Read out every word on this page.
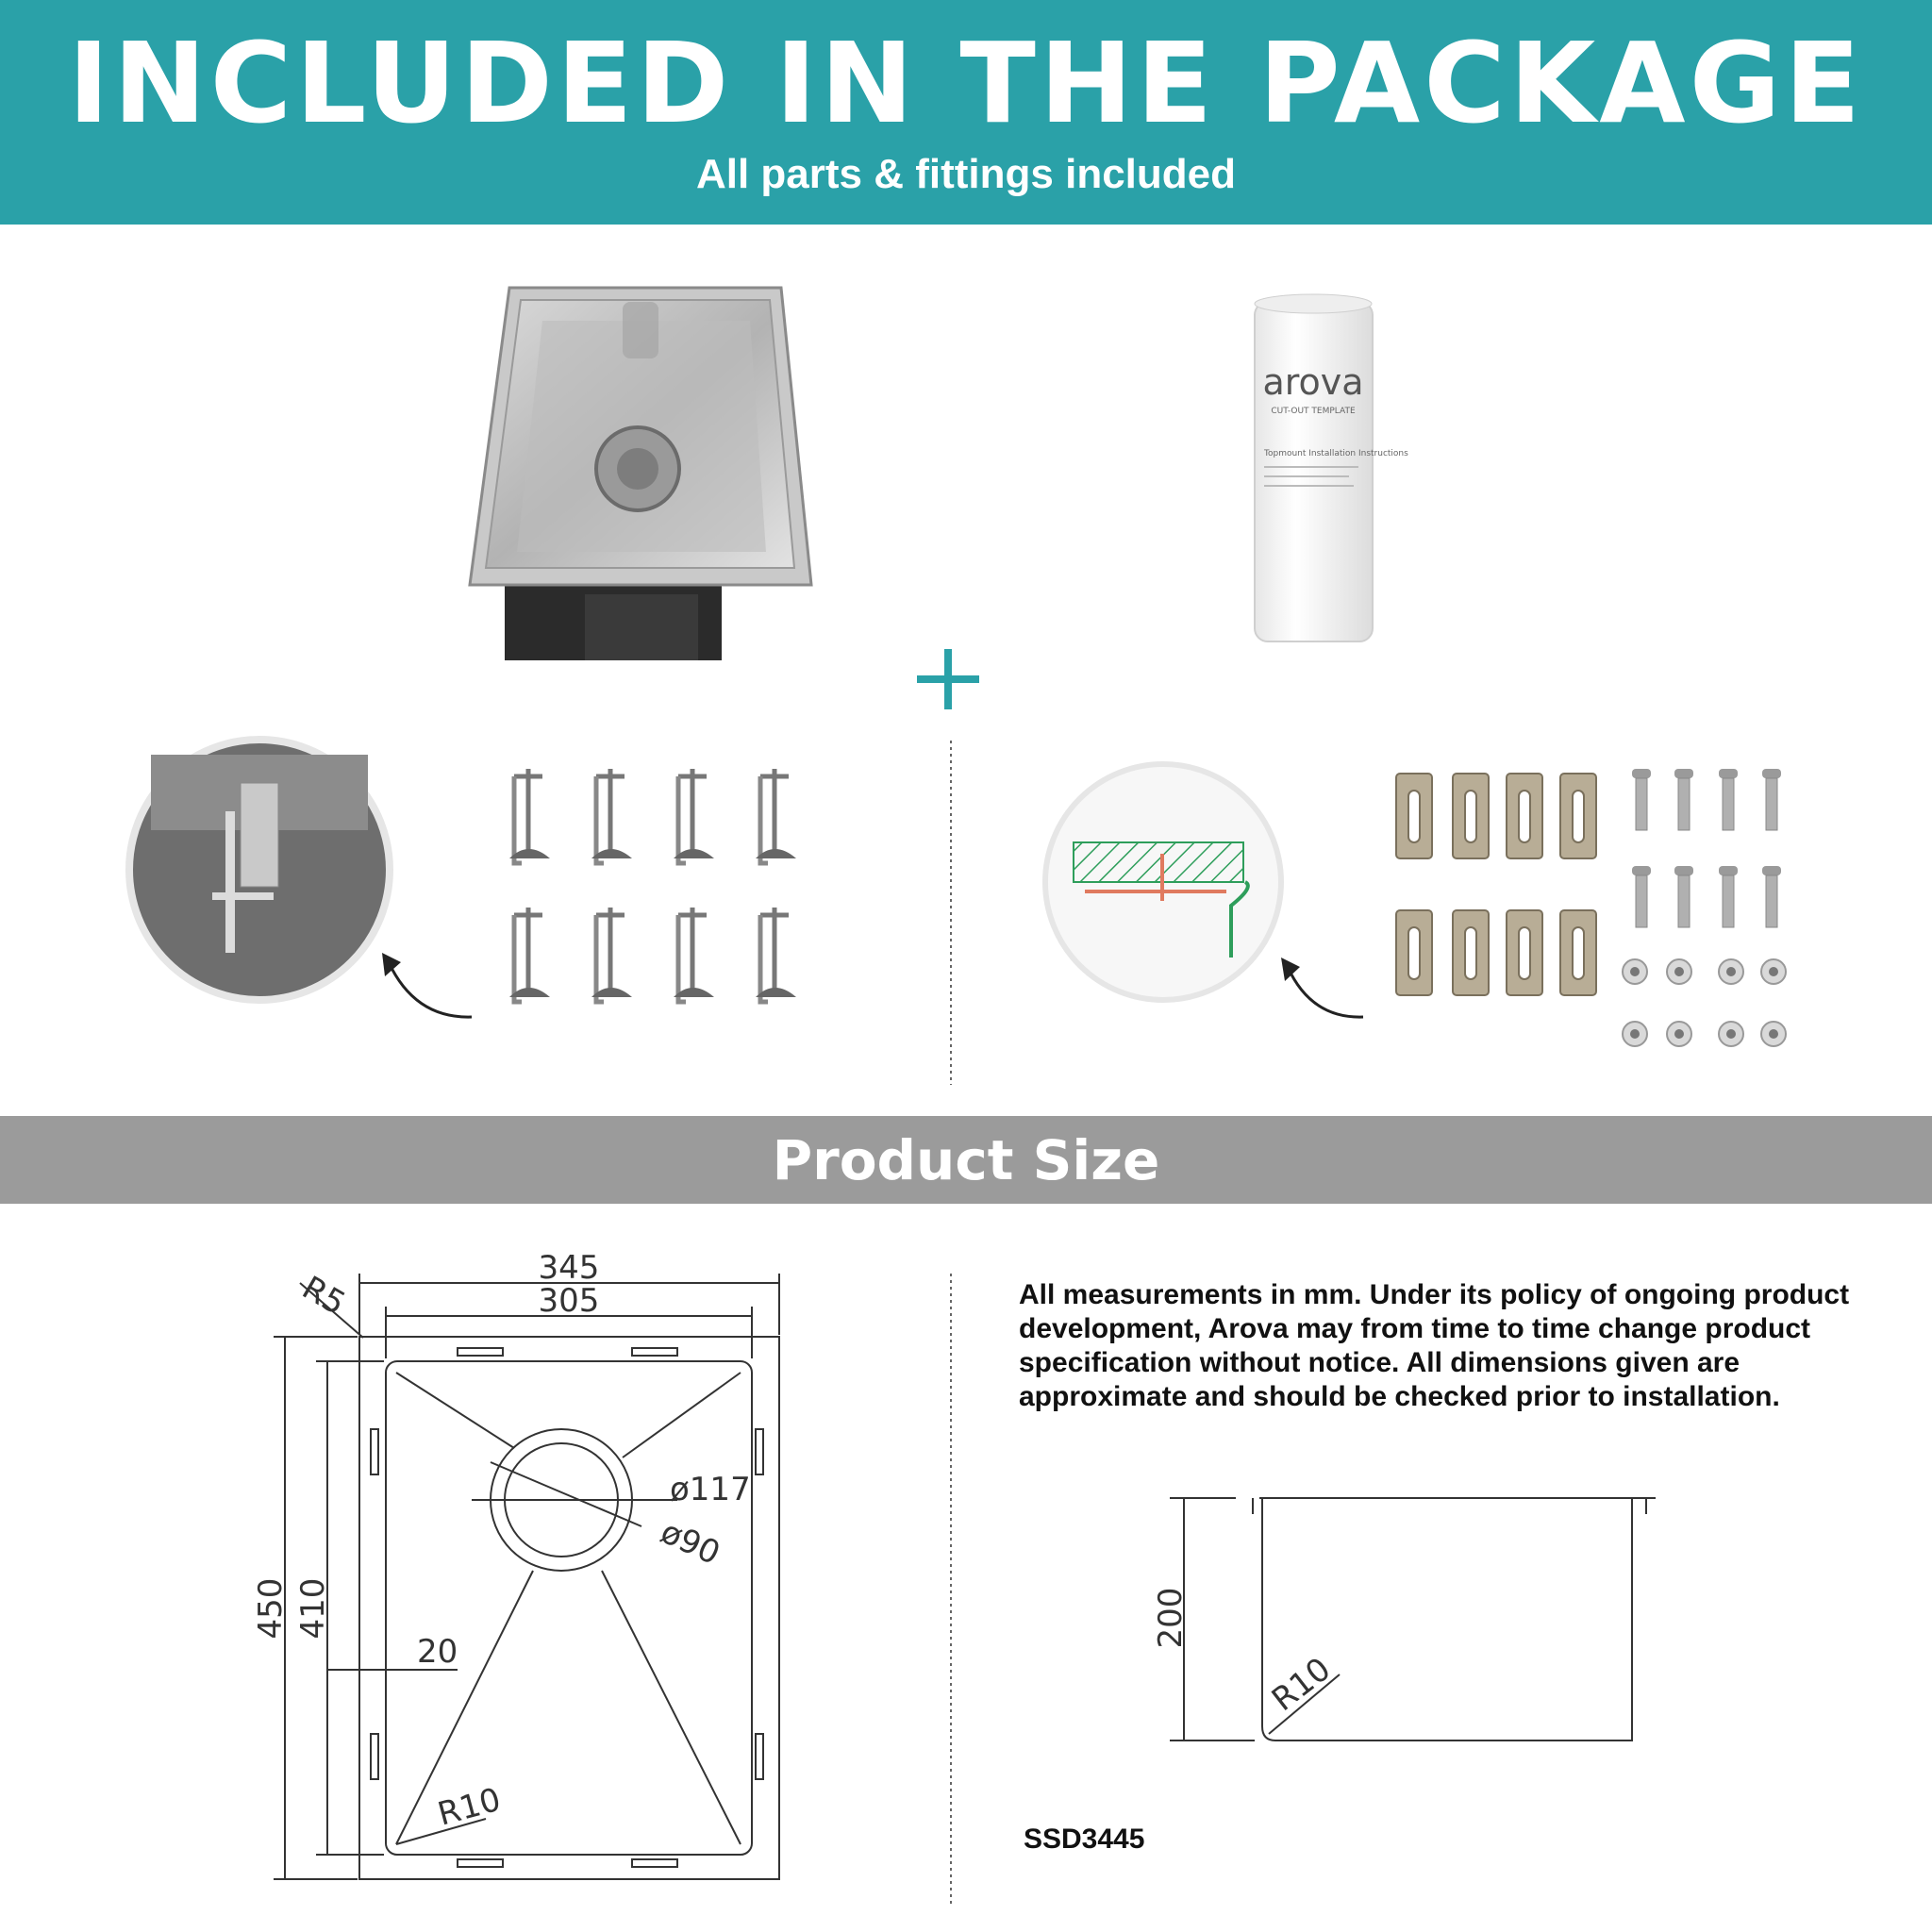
INCLUDED IN THE PACKAGE
All parts & fittings included
arova
CUT-OUT TEMPLATE
Topmount Installation Instructions
345
305
R5
450 410
20
ø117
ø90
R10
200
R10
Product Size
All measurements in mm. Under its policy of ongoing product development, Arova may from time to time change product specification without notice. All dimensions given are approximate and should be checked prior to installation.
SSD3445
